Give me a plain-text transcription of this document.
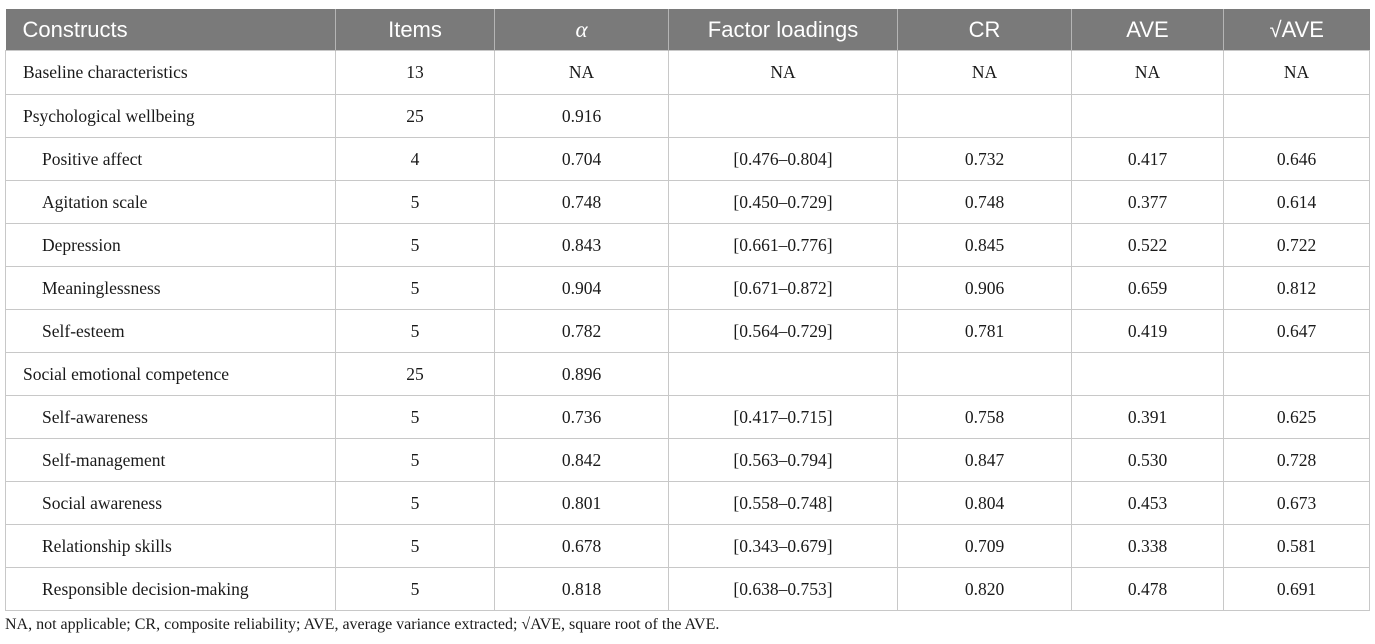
Constructs	Items	α	Factor loadings	CR	AVE	√AVE
Baseline characteristics	13	NA	NA	NA	NA	NA
Psychological wellbeing	25	0.916				
Positive affect	4	0.704	[0.476–0.804]	0.732	0.417	0.646
Agitation scale	5	0.748	[0.450–0.729]	0.748	0.377	0.614
Depression	5	0.843	[0.661–0.776]	0.845	0.522	0.722
Meaninglessness	5	0.904	[0.671–0.872]	0.906	0.659	0.812
Self-esteem	5	0.782	[0.564–0.729]	0.781	0.419	0.647
Social emotional competence	25	0.896				
Self-awareness	5	0.736	[0.417–0.715]	0.758	0.391	0.625
Self-management	5	0.842	[0.563–0.794]	0.847	0.530	0.728
Social awareness	5	0.801	[0.558–0.748]	0.804	0.453	0.673
Relationship skills	5	0.678	[0.343–0.679]	0.709	0.338	0.581
Responsible decision-making	5	0.818	[0.638–0.753]	0.820	0.478	0.691
NA, not applicable; CR, composite reliability; AVE, average variance extracted; √AVE, square root of the AVE.
